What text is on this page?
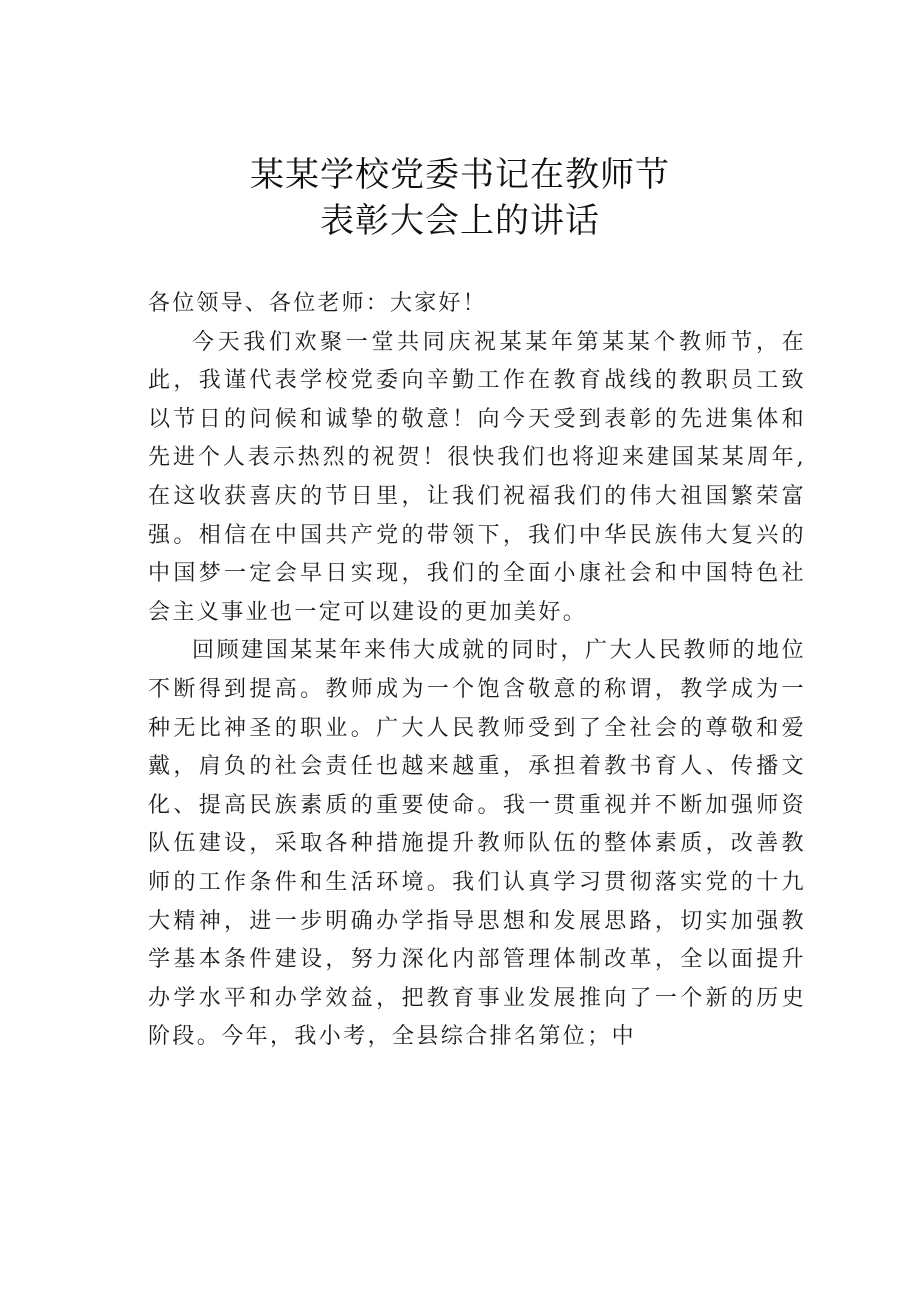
某某学校党委书记在教师节
表彰大会上的讲话

各位领导、各位老师：大家好！

今天我们欢聚一堂共同庆祝某某年第某某个教师节，在此，我谨代表学校党委向辛勤工作在教育战线的教职员工致以节日的问候和诚挚的敬意！向今天受到表彰的先进集体和先进个人表示热烈的祝贺！很快我们也将迎来建国某某周年,在这收获喜庆的节日里，让我们祝福我们的伟大祖国繁荣富强。相信在中国共产党的带领下，我们中华民族伟大复兴的中国梦一定会早日实现，我们的全面小康社会和中国特色社会主义事业也一定可以建设的更加美好。

回顾建国某某年来伟大成就的同时，广大人民教师的地位不断得到提高。教师成为一个饱含敬意的称谓，教学成为一种无比神圣的职业。广大人民教师受到了全社会的尊敬和爱戴，肩负的社会责任也越来越重，承担着教书育人、传播文化、提高民族素质的重要使命。我一贯重视并不断加强师资队伍建设，采取各种措施提升教师队伍的整体素质，改善教师的工作条件和生活环境。我们认真学习贯彻落实党的十九大精神，进一步明确办学指导思想和发展思路，切实加强教学基本条件建设，努力深化内部管理体制改革，全以面提升办学水平和办学效益，把教育事业发展推向了一个新的历史阶段。今年，我小考，全县综合排名第位；中
